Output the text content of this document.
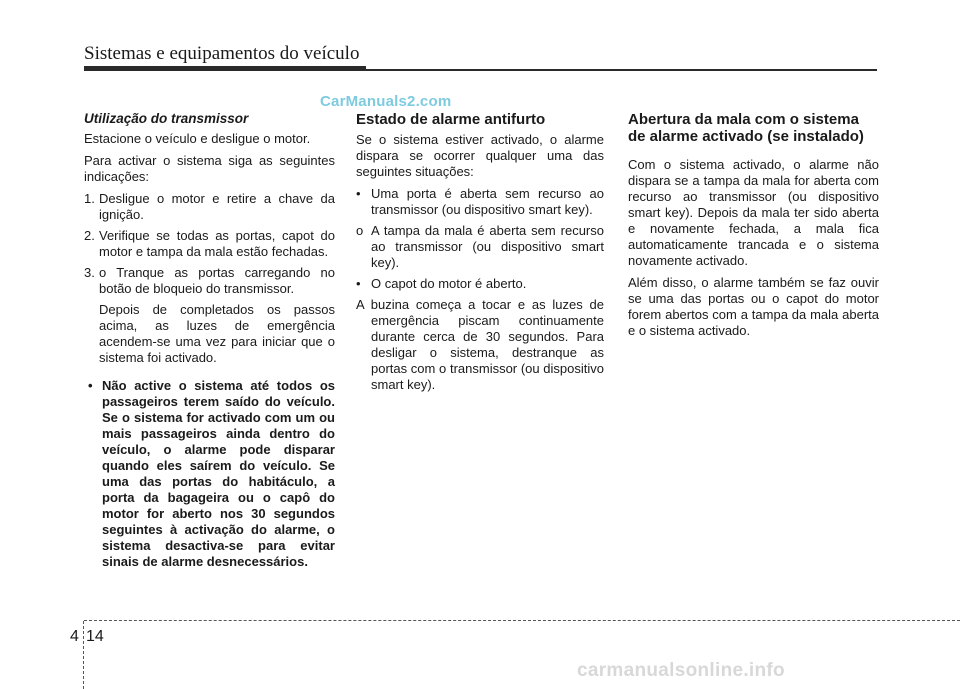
Sistemas e equipamentos do veículo
CarManuals2.com
Utilização do transmissor

Estacione o veículo e desligue o motor.

Para activar o sistema siga as seguintes indicações:

1. Desligue o motor e retire a chave da ignição.
2. Verifique se todas as portas, capot do motor e tampa da mala estão fechadas.
3. o Tranque as portas carregando no botão de bloqueio do transmissor.

Depois de completados os passos acima, as luzes de emergência acendem-se uma vez para iniciar que o sistema foi activado.

• Não active o sistema até todos os passageiros terem saído do veículo. Se o sistema for activado com um ou mais passageiros ainda dentro do veículo, o alarme pode disparar quando eles saírem do veículo. Se uma das portas do habitáculo, a porta da bagageira ou o capô do motor for aberto nos 30 segundos seguintes à activação do alarme, o sistema desactiva-se para evitar sinais de alarme desnecessários.
Estado de alarme antifurto

Se o sistema estiver activado, o alarme dispara se ocorrer qualquer uma das seguintes situações:

• Uma porta é aberta sem recurso ao transmissor (ou dispositivo smart key).
o A tampa da mala é aberta sem recurso ao transmissor (ou dispositivo smart key).
• O capot do motor é aberto.
A buzina começa a tocar e as luzes de emergência piscam continuamente durante cerca de 30 segundos. Para desligar o sistema, destranque as portas com o transmissor (ou dispositivo smart key).
Abertura da mala com o sistema de alarme activado (se instalado)

Com o sistema activado, o alarme não dispara se a tampa da mala for aberta com recurso ao transmissor (ou dispositivo smart key). Depois da mala ter sido aberta e novamente fechada, a mala fica automaticamente trancada e o sistema novamente activado.

Além disso, o alarme também se faz ouvir se uma das portas ou o capot do motor forem abertos com a tampa da mala aberta e o sistema activado.

4 14
carmanualsonline.info
